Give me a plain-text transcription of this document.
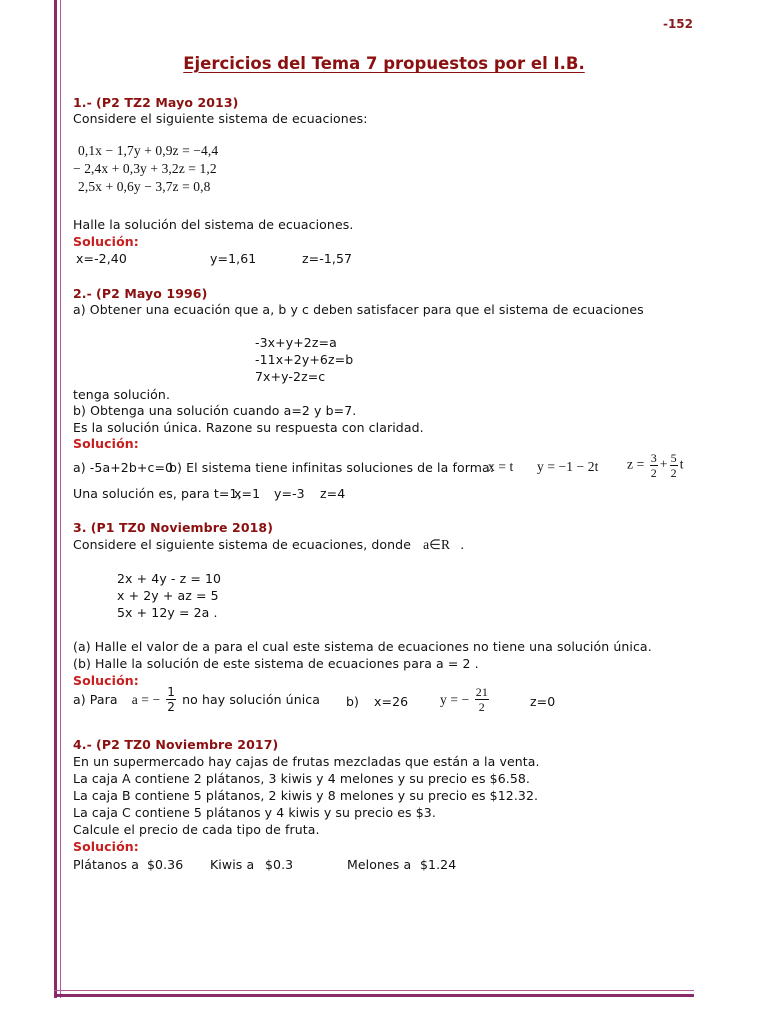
-152
Ejercicios del Tema 7 propuestos por el I.B.
1.- (P2 TZ2 Mayo 2013)
Considere el siguiente sistema de ecuaciones:
0,1x − 1,7y + 0,9z = −4,4
− 2,4x + 0,3y + 3,2z = 1,2
2,5x + 0,6y − 3,7z = 0,8
Halle la solución del sistema de ecuaciones.
Solución:
x=-2,40	y=1,61	z=-1,57
2.- (P2 Mayo 1996)
a) Obtener una ecuación que a, b y c deben satisfacer para que el sistema de ecuaciones
-3x+y+2z=a
-11x+2y+6z=b
7x+y-2z=c
tenga solución.
b) Obtenga una solución cuando a=2 y b=7.
Es la solución única. Razone su respuesta con claridad.
Solución:
a) -5a+2b+c=0
b) El sistema tiene infinitas soluciones de la forma:
x = t y = −1 − 2t $z = \frac{3}{2} + \frac{5}{2}$ t
Una solución es, para t=1,
x=1 y=-3 z=4
3. (P1 TZ0 Noviembre 2018)
Considere el siguiente sistema de ecuaciones, donde a∈R .
2x + 4y - z = 10
x + 2y + az = 5
5x + 12y = 2a .
(a) Halle el valor de a para el cual este sistema de ecuaciones no tiene una solución única.
(b) Halle la solución de este sistema de ecuaciones para a = 2 .
Solución:
a) Para a = − $\frac{1}{2}$ no hay solución única b) x=26 y = − $\frac{21}{2}$	z=0
4.- (P2 TZ0 Noviembre 2017)
En un supermercado hay cajas de frutas mezcladas que están a la venta.
La caja A contiene 2 plátanos, 3 kiwis y 4 melones y su precio es $6.58.
La caja B contiene 5 plátanos, 2 kiwis y 8 melones y su precio es $12.32.
La caja C contiene 5 plátanos y 4 kiwis y su precio es $3.
Calcule el precio de cada tipo de fruta.
Solución:
Plátanos a $0.36 Kiwis a $0.3	Melones a $1.24
